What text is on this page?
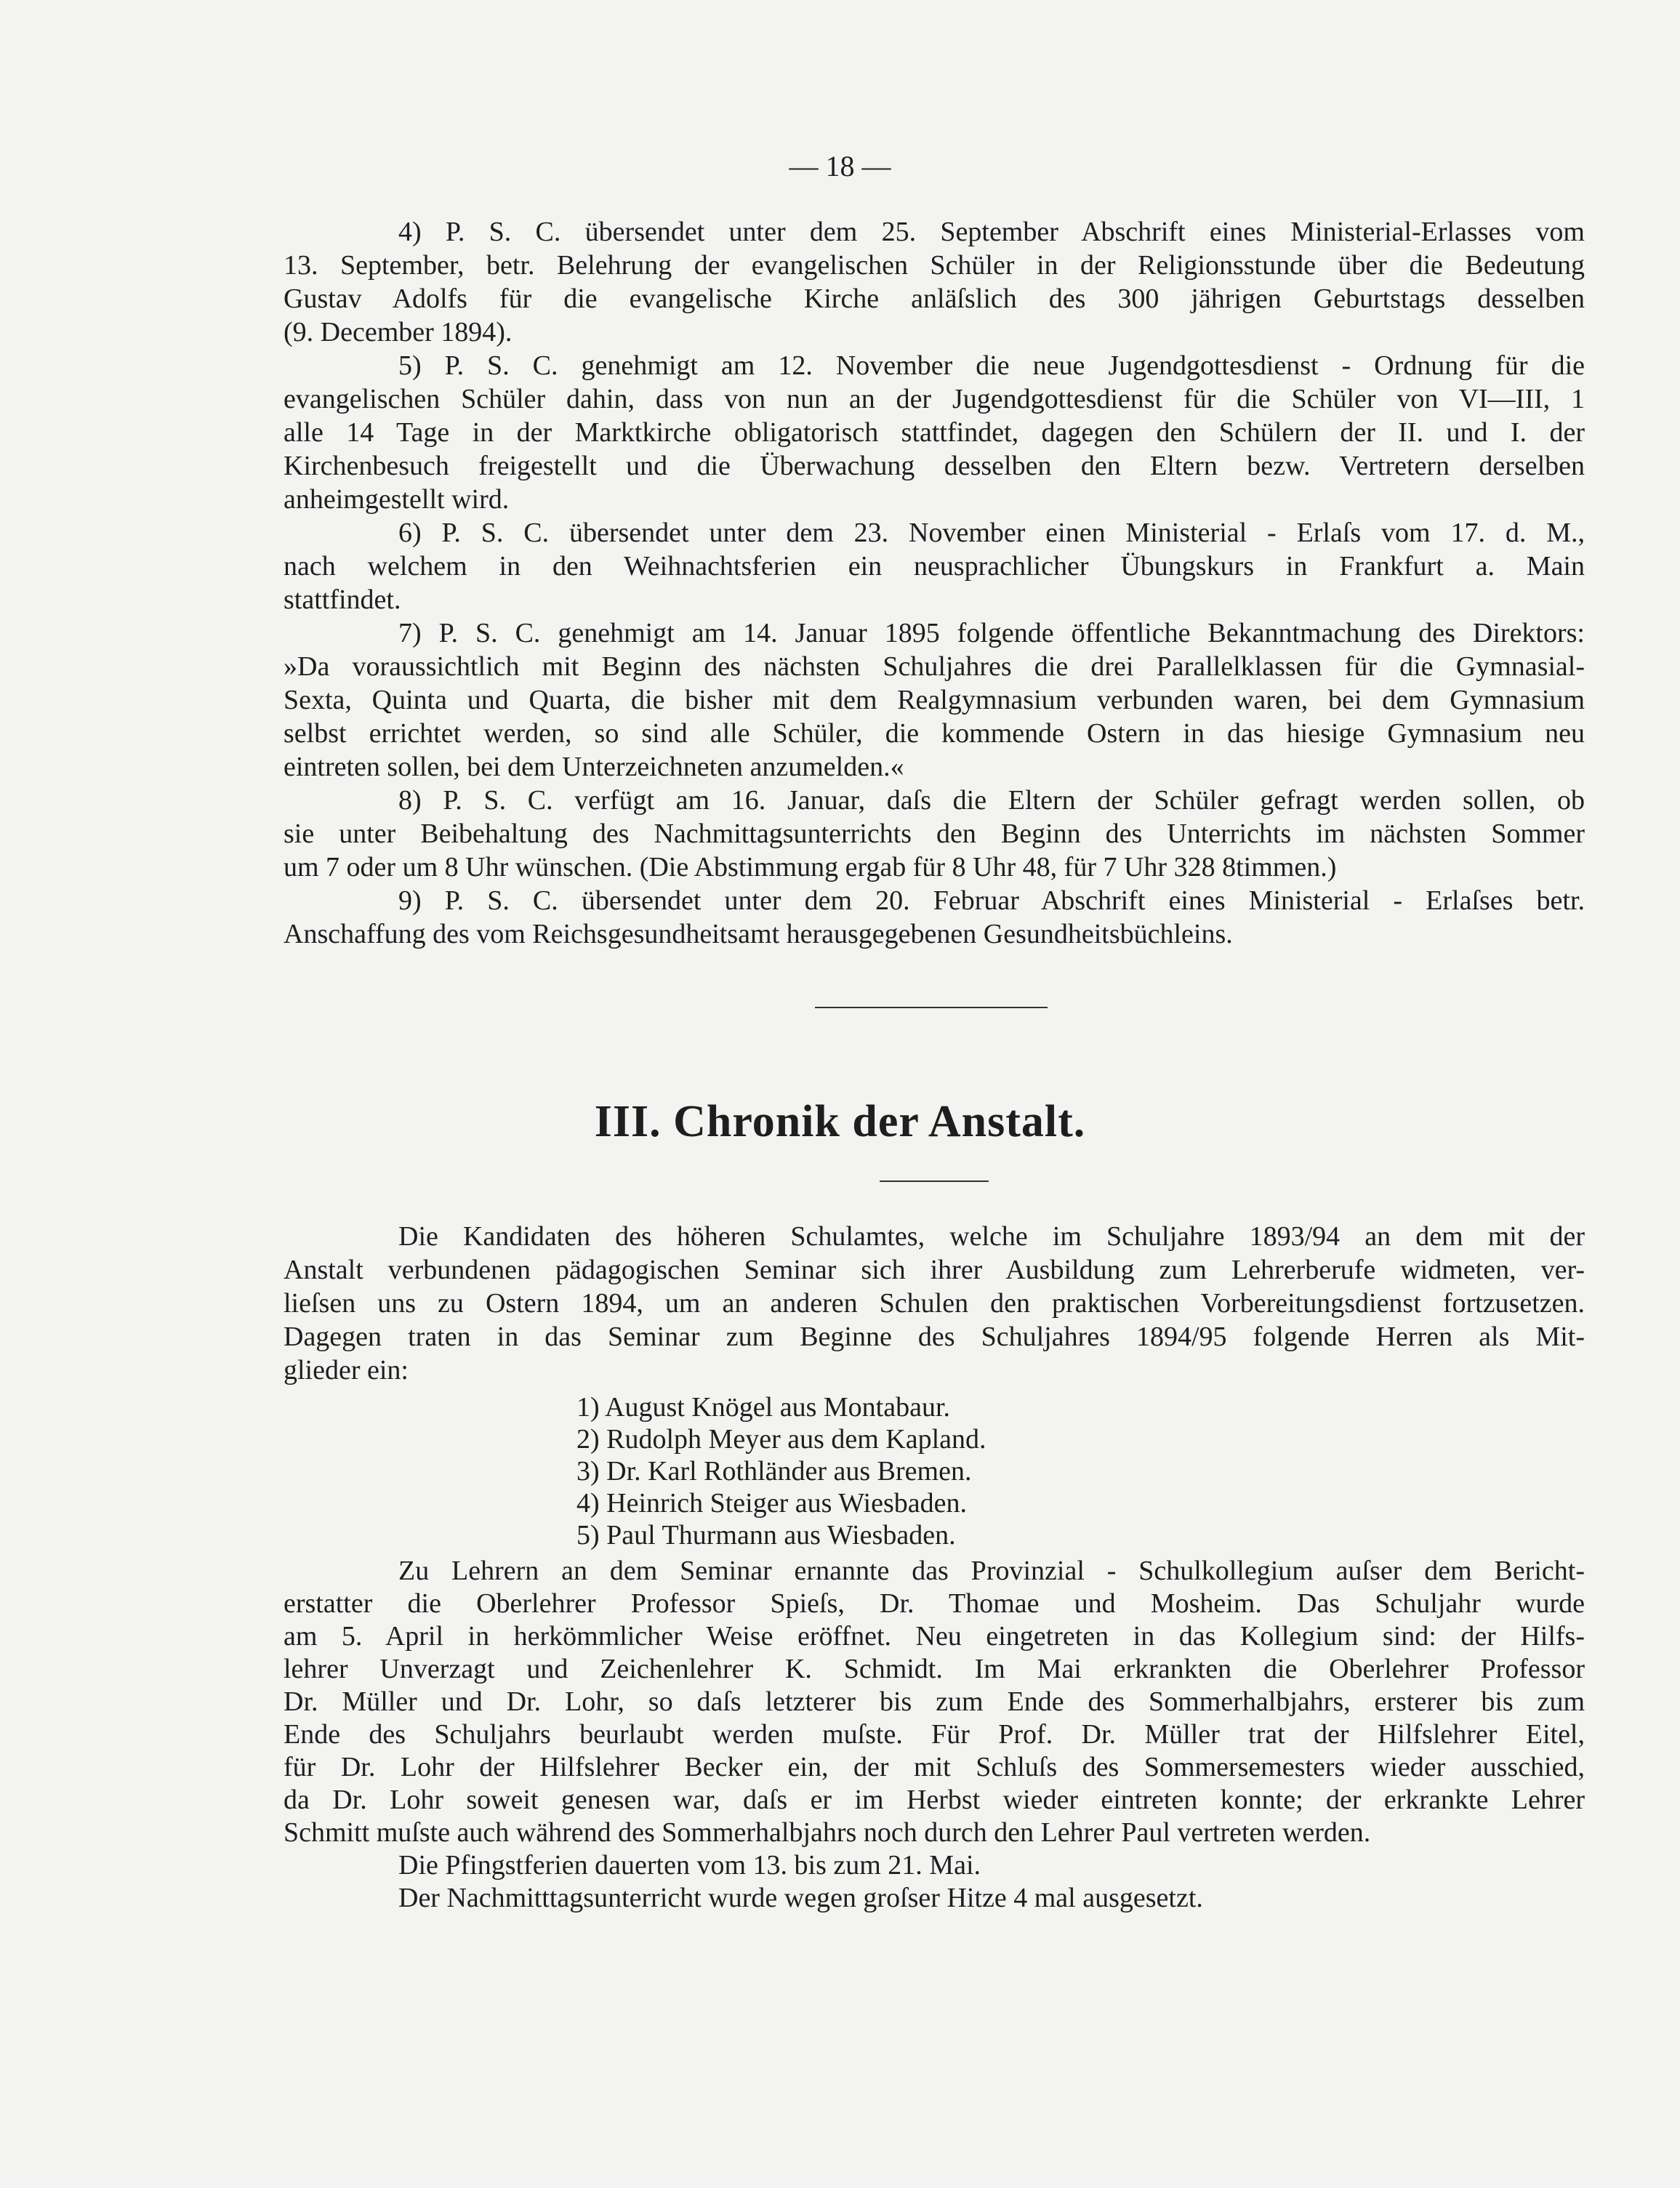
— 18 —
4) P. S. C. übersendet unter dem 25. September Abschrift eines Ministerial-Erlasses vom
13. September, betr. Belehrung der evangelischen Schüler in der Religionsstunde über die Bedeutung
Gustav Adolfs für die evangelische Kirche anläſslich des 300 jährigen Geburtstags desselben
(9. December 1894).
5) P. S. C. genehmigt am 12. November die neue Jugendgottesdienst - Ordnung für die
evangelischen Schüler dahin, dass von nun an der Jugendgottesdienst für die Schüler von VI—III, 1
alle 14 Tage in der Marktkirche obligatorisch stattfindet, dagegen den Schülern der II. und I. der
Kirchenbesuch freigestellt und die Überwachung desselben den Eltern bezw. Vertretern derselben
anheimgestellt wird.
6) P. S. C. übersendet unter dem 23. November einen Ministerial - Erlaſs vom 17. d. M.,
nach welchem in den Weihnachtsferien ein neusprachlicher Übungskurs in Frankfurt a. Main
stattfindet.
7) P. S. C. genehmigt am 14. Januar 1895 folgende öffentliche Bekanntmachung des Direktors:
»Da voraussichtlich mit Beginn des nächsten Schuljahres die drei Parallelklassen für die Gymnasial-
Sexta, Quinta und Quarta, die bisher mit dem Realgymnasium verbunden waren, bei dem Gymnasium
selbst errichtet werden, so sind alle Schüler, die kommende Ostern in das hiesige Gymnasium neu
eintreten sollen, bei dem Unterzeichneten anzumelden.«
8) P. S. C. verfügt am 16. Januar, daſs die Eltern der Schüler gefragt werden sollen, ob
sie unter Beibehaltung des Nachmittagsunterrichts den Beginn des Unterrichts im nächsten Sommer
um 7 oder um 8 Uhr wünschen. (Die Abstimmung ergab für 8 Uhr 48, für 7 Uhr 328 8timmen.)
9) P. S. C. übersendet unter dem 20. Februar Abschrift eines Ministerial - Erlaſses betr.
Anschaffung des vom Reichsgesundheitsamt herausgegebenen Gesundheitsbüchleins.
III. Chronik der Anstalt.
Die Kandidaten des höheren Schulamtes, welche im Schuljahre 1893/94 an dem mit der
Anstalt verbundenen pädagogischen Seminar sich ihrer Ausbildung zum Lehrerberufe widmeten, ver-
lieſsen uns zu Ostern 1894, um an anderen Schulen den praktischen Vorbereitungsdienst fortzusetzen.
Dagegen traten in das Seminar zum Beginne des Schuljahres 1894/95 folgende Herren als Mit-
glieder ein:
1) August Knögel aus Montabaur.
2) Rudolph Meyer aus dem Kapland.
3) Dr. Karl Rothländer aus Bremen.
4) Heinrich Steiger aus Wiesbaden.
5) Paul Thurmann aus Wiesbaden.
Zu Lehrern an dem Seminar ernannte das Provinzial - Schulkollegium auſser dem Bericht-
erstatter die Oberlehrer Professor Spieſs, Dr. Thomae und Mosheim. Das Schuljahr wurde
am 5. April in herkömmlicher Weise eröffnet. Neu eingetreten in das Kollegium sind: der Hilfs-
lehrer Unverzagt und Zeichenlehrer K. Schmidt. Im Mai erkrankten die Oberlehrer Professor
Dr. Müller und Dr. Lohr, so daſs letzterer bis zum Ende des Sommerhalbjahrs, ersterer bis zum
Ende des Schuljahrs beurlaubt werden muſste. Für Prof. Dr. Müller trat der Hilfslehrer Eitel,
für Dr. Lohr der Hilfslehrer Becker ein, der mit Schluſs des Sommersemesters wieder ausschied,
da Dr. Lohr soweit genesen war, daſs er im Herbst wieder eintreten konnte; der erkrankte Lehrer
Schmitt muſste auch während des Sommerhalbjahrs noch durch den Lehrer Paul vertreten werden.
Die Pfingstferien dauerten vom 13. bis zum 21. Mai.
Der Nachmitttagsunterricht wurde wegen groſser Hitze 4 mal ausgesetzt.
